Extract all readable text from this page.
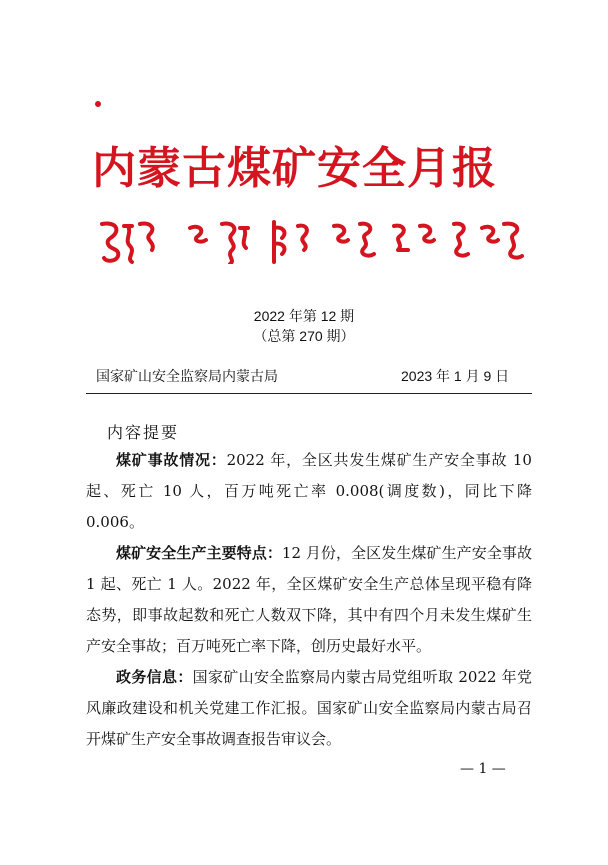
内蒙古煤矿安全月报
2022 年第 12 期
（总第 270 期）
国家矿山安全监察局内蒙古局	2023 年 1 月 9 日
内容提要

煤矿事故情况：2022 年，全区共发生煤矿生产安全事故 10 起、死亡 10 人，百万吨死亡率 0.008(调度数)，同比下降 0.006。

煤矿安全生产主要特点：12 月份，全区发生煤矿生产安全事故 1 起、死亡 1 人。2022 年，全区煤矿安全生产总体呈现平稳有降态势，即事故起数和死亡人数双下降，其中有四个月未发生煤矿生产安全事故；百万吨死亡率下降，创历史最好水平。

政务信息：国家矿山安全监察局内蒙古局党组听取 2022 年党风廉政建设和机关党建工作汇报。国家矿山安全监察局内蒙古局召开煤矿生产安全事故调查报告审议会。

— 1 —
